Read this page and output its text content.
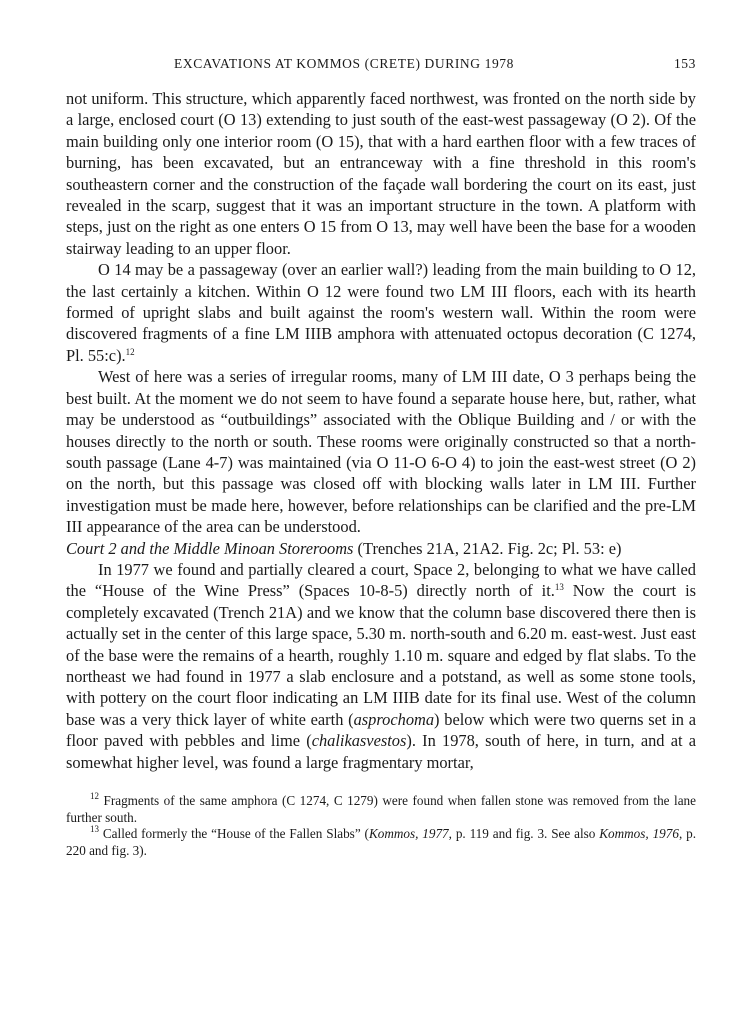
EXCAVATIONS AT KOMMOS (CRETE) DURING 1978	153

not uniform. This structure, which apparently faced northwest, was fronted on the north side by a large, enclosed court (O 13) extending to just south of the east-west passageway (O 2). Of the main building only one interior room (O 15), that with a hard earthen floor with a few traces of burning, has been excavated, but an entranceway with a fine threshold in this room's southeastern corner and the construction of the façade wall bordering the court on its east, just revealed in the scarp, suggest that it was an important structure in the town. A platform with steps, just on the right as one enters O 15 from O 13, may well have been the base for a wooden stairway leading to an upper floor.

O 14 may be a passageway (over an earlier wall?) leading from the main building to O 12, the last certainly a kitchen. Within O 12 were found two LM III floors, each with its hearth formed of upright slabs and built against the room's western wall. Within the room were discovered fragments of a fine LM IIIB amphora with attenuated octopus decoration (C 1274, Pl. 55:c).$^{12}$

West of here was a series of irregular rooms, many of LM III date, O 3 perhaps being the best built. At the moment we do not seem to have found a separate house here, but, rather, what may be understood as “outbuildings” associated with the Oblique Building and / or with the houses directly to the north or south. These rooms were originally constructed so that a north-south passage (Lane 4-7) was maintained (via O 11-O 6-O 4) to join the east-west street (O 2) on the north, but this passage was closed off with blocking walls later in LM III. Further investigation must be made here, however, before relationships can be clarified and the pre-LM III appearance of the area can be understood.

Court 2 and the Middle Minoan Storerooms (Trenches 21A, 21A2. Fig. 2c; Pl. 53: e)

In 1977 we found and partially cleared a court, Space 2, belonging to what we have called the “House of the Wine Press” (Spaces 10-8-5) directly north of it.$^{13}$ Now the court is completely excavated (Trench 21A) and we know that the column base discovered there then is actually set in the center of this large space, 5.30 m. north-south and 6.20 m. east-west. Just east of the base were the remains of a hearth, roughly 1.10 m. square and edged by flat slabs. To the northeast we had found in 1977 a slab enclosure and a potstand, as well as some stone tools, with pottery on the court floor indicating an LM IIIB date for its final use. West of the column base was a very thick layer of white earth (asprochoma) below which were two querns set in a floor paved with pebbles and lime (chalikasvestos). In 1978, south of here, in turn, and at a somewhat higher level, was found a large fragmentary mortar,

$^{12}$ Fragments of the same amphora (C 1274, C 1279) were found when fallen stone was removed from the lane further south.

$^{13}$ Called formerly the “House of the Fallen Slabs” (Kommos, 1977, p. 119 and fig. 3. See also Kommos, 1976, p. 220 and fig. 3).
